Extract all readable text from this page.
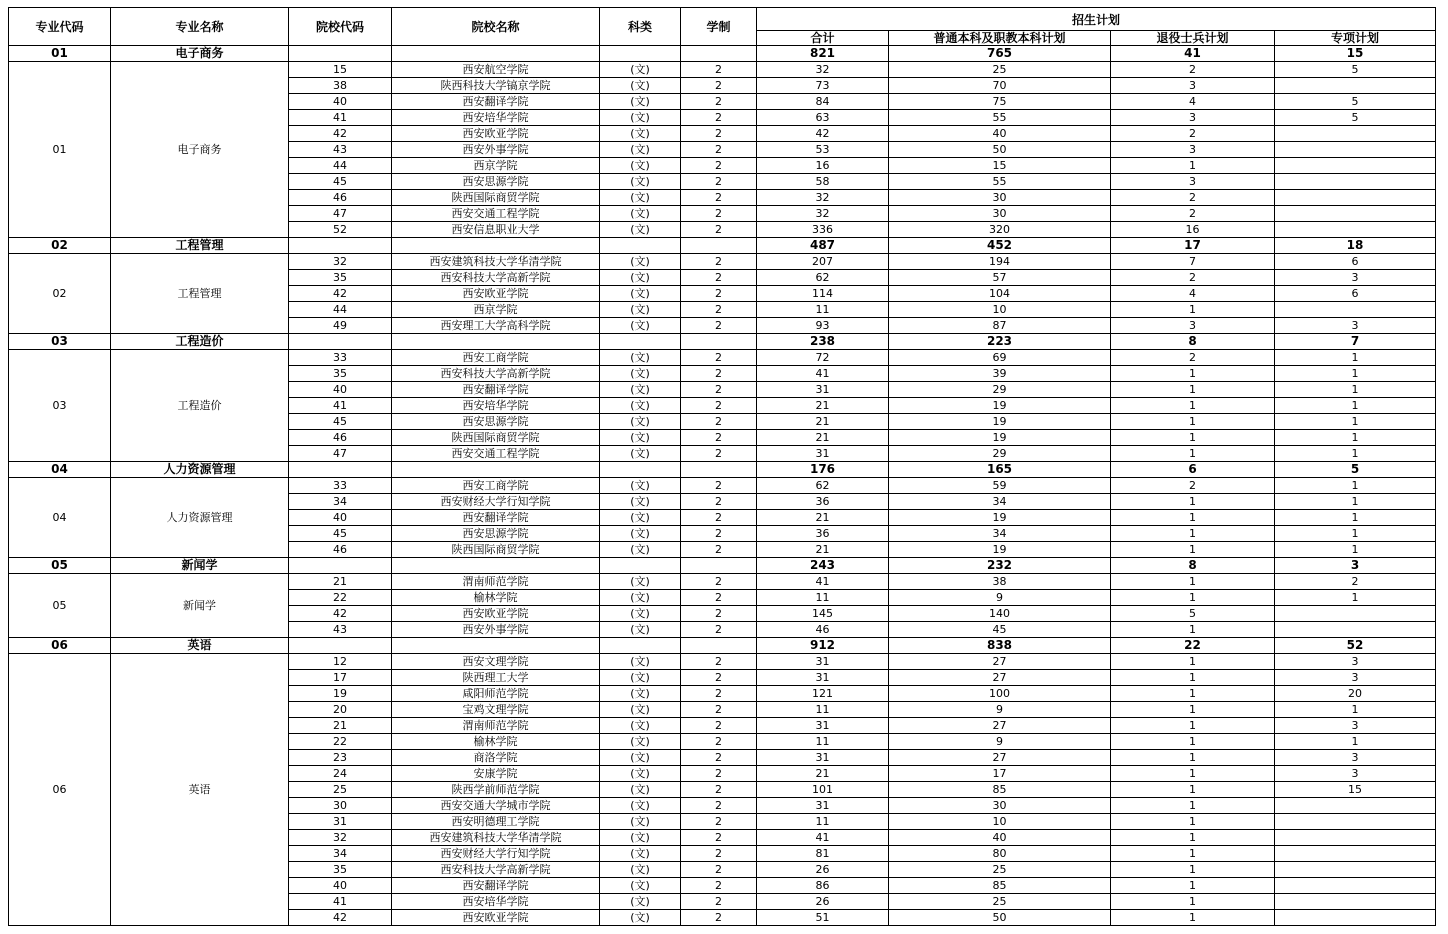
专业代码	专业名称	院校代码	院校名称	科类	学制	招生计划			
						合计	普通本科及职教本科计划	退役士兵计划	专项计划
01	电子商务					821	765	41	15
01	电子商务	15	西安航空学院	(文)	2	32	25	2	5
		38	陕西科技大学镐京学院	(文)	2	73	70	3	
		40	西安翻译学院	(文)	2	84	75	4	5
		41	西安培华学院	(文)	2	63	55	3	5
		42	西安欧亚学院	(文)	2	42	40	2	
		43	西安外事学院	(文)	2	53	50	3	
		44	西京学院	(文)	2	16	15	1	
		45	西安思源学院	(文)	2	58	55	3	
		46	陕西国际商贸学院	(文)	2	32	30	2	
		47	西安交通工程学院	(文)	2	32	30	2	
		52	西安信息职业大学	(文)	2	336	320	16	
02	工程管理					487	452	17	18
02	工程管理	32	西安建筑科技大学华清学院	(文)	2	207	194	7	6
		35	西安科技大学高新学院	(文)	2	62	57	2	3
		42	西安欧亚学院	(文)	2	114	104	4	6
		44	西京学院	(文)	2	11	10	1	
		49	西安理工大学高科学院	(文)	2	93	87	3	3
03	工程造价					238	223	8	7
03	工程造价	33	西安工商学院	(文)	2	72	69	2	1
		35	西安科技大学高新学院	(文)	2	41	39	1	1
		40	西安翻译学院	(文)	2	31	29	1	1
		41	西安培华学院	(文)	2	21	19	1	1
		45	西安思源学院	(文)	2	21	19	1	1
		46	陕西国际商贸学院	(文)	2	21	19	1	1
		47	西安交通工程学院	(文)	2	31	29	1	1
04	人力资源管理					176	165	6	5
04	人力资源管理	33	西安工商学院	(文)	2	62	59	2	1
		34	西安财经大学行知学院	(文)	2	36	34	1	1
		40	西安翻译学院	(文)	2	21	19	1	1
		45	西安思源学院	(文)	2	36	34	1	1
		46	陕西国际商贸学院	(文)	2	21	19	1	1
05	新闻学					243	232	8	3
05	新闻学	21	渭南师范学院	(文)	2	41	38	1	2
		22	榆林学院	(文)	2	11	9	1	1
		42	西安欧亚学院	(文)	2	145	140	5	
		43	西安外事学院	(文)	2	46	45	1	
06	英语					912	838	22	52
06	英语	12	西安文理学院	(文)	2	31	27	1	3
		17	陕西理工大学	(文)	2	31	27	1	3
		19	咸阳师范学院	(文)	2	121	100	1	20
		20	宝鸡文理学院	(文)	2	11	9	1	1
		21	渭南师范学院	(文)	2	31	27	1	3
		22	榆林学院	(文)	2	11	9	1	1
		23	商洛学院	(文)	2	31	27	1	3
		24	安康学院	(文)	2	21	17	1	3
		25	陕西学前师范学院	(文)	2	101	85	1	15
		30	西安交通大学城市学院	(文)	2	31	30	1	
		31	西安明德理工学院	(文)	2	11	10	1	
		32	西安建筑科技大学华清学院	(文)	2	41	40	1	
		34	西安财经大学行知学院	(文)	2	81	80	1	
		35	西安科技大学高新学院	(文)	2	26	25	1	
		40	西安翻译学院	(文)	2	86	85	1	
		41	西安培华学院	(文)	2	26	25	1	
		42	西安欧亚学院	(文)	2	51	50	1	
